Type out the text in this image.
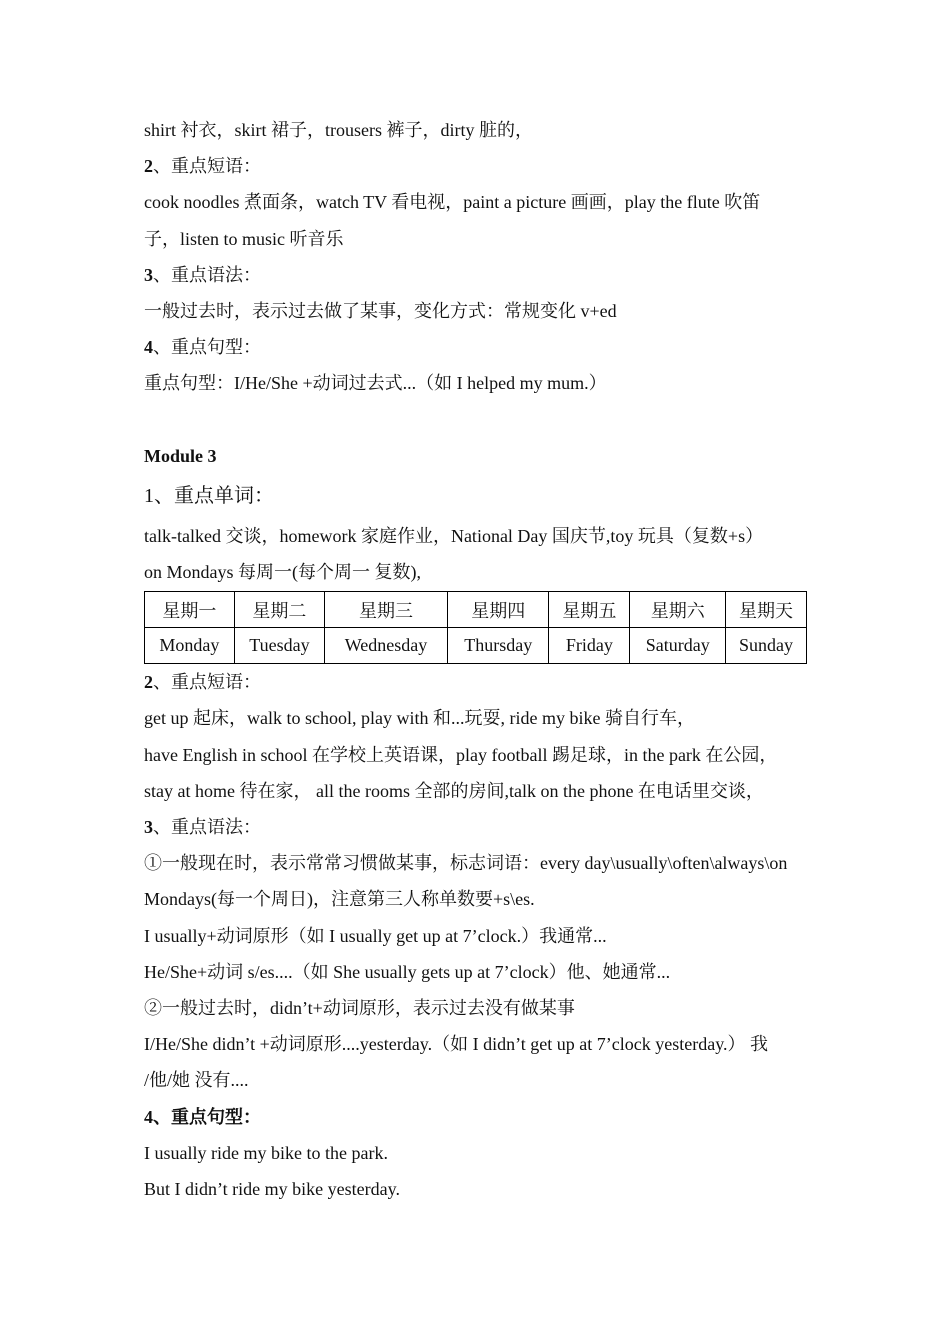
shirt 衬衣，skirt 裙子，trousers 裤子，dirty 脏的，
2、重点短语：
cook noodles 煮面条，watch TV 看电视，paint a picture 画画，play the flute 吹笛
子，listen to music 听音乐
3、重点语法：
一般过去时，表示过去做了某事，变化方式：常规变化 v+ed
4、重点句型：
重点句型：I/He/She +动词过去式...（如 I helped my mum.）
Module 3
1、重点单词：
talk-talked 交谈，homework 家庭作业，National Day 国庆节,toy 玩具（复数+s）
on Mondays 每周一(每个周一 复数),
星期一	星期二	星期三	星期四	星期五	星期六	星期天
Monday	Tuesday	Wednesday	Thursday	Friday	Saturday	Sunday
2、重点短语：
get up 起床，walk to school, play with 和...玩耍, ride my bike 骑自行车，
have English in school 在学校上英语课，play football 踢足球，in the park 在公园，
stay at home 待在家， all the rooms 全部的房间,talk on the phone 在电话里交谈，
3、重点语法：
①一般现在时，表示常常习惯做某事，标志词语：every day\usually\often\always\on
Mondays(每一个周日)，注意第三人称单数要+s\es.
I usually+动词原形（如 I usually get up at 7’clock.）我通常...
He/She+动词 s/es....（如 She usually gets up at 7’clock）他、她通常...
②一般过去时，didn’t+动词原形，表示过去没有做某事
I/He/She didn’t +动词原形....yesterday.（如 I didn’t get up at 7’clock yesterday.） 我
/他/她 没有....
4、重点句型：
I usually ride my bike to the park.
But I didn’t ride my bike yesterday.
